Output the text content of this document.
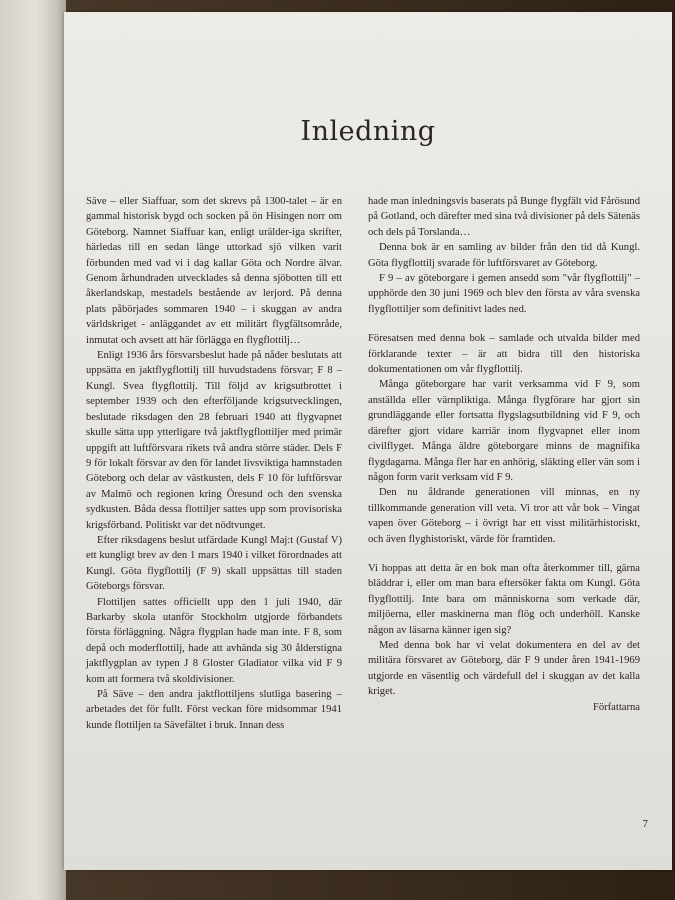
Inledning

Säve – eller Siaffuar, som det skrevs på 1300-talet – är en gammal historisk bygd och socken på ön Hisingen norr om Göteborg. Namnet Siaffuar kan, enligt urälder-iga skrifter, härledas till en sedan länge uttorkad sjö vilken varit förbunden med vad vi i dag kallar Göta och Nordre älvar. Genom århundraden utvecklades så denna sjöbotten till ett åkerlandskap, mestadels bestående av lerjord. På denna plats påbörjades sommaren 1940 – i skuggan av andra världskriget - anläggandet av ett militärt flygfältsområde, inmutat och avsett att här förlägga en flygflottilj…

Enligt 1936 års försvarsbeslut hade på nåder beslutats att uppsätta en jaktflygflottilj till huvudstadens försvar; F 8 – Kungl. Svea flygflottilj. Till följd av krigsutbrottet i september 1939 och den efterföljande krigsutvecklingen, beslutade riksdagen den 28 februari 1940 att flygvapnet skulle sätta upp ytterligare två jaktflygflottiljer med primär uppgift att luftförsvara rikets två andra större städer. Dels F 9 för lokalt försvar av den för landet livsviktiga hamnstaden Göteborg och delar av västkusten, dels F 10 för luftförsvar av Malmö och regionen kring Öresund och den svenska sydkusten. Båda dessa flottiljer sattes upp som provisoriska krigsförband. Politiskt var det nödtvunget.

Efter riksdagens beslut utfärdade Kungl Maj:t (Gustaf V) ett kungligt brev av den 1 mars 1940 i vilket förordnades att Kungl. Göta flygflottilj (F 9) skall uppsättas till staden Göteborgs försvar.

Flottiljen sattes officiellt upp den 1 juli 1940, där Barkarby skola utanför Stockholm utgjorde förbandets första förläggning. Några flygplan hade man inte. F 8, som depå och moderflottilj, hade att avhända sig 30 ålderstigna jaktflygplan av typen J 8 Gloster Gladiator vilka vid F 9 kom att formera två skoldivisioner.

På Säve – den andra jaktflottiljens slutliga basering – arbetades det för fullt. Först veckan före midsommar 1941 kunde flottiljen ta Sävefältet i bruk. Innan dess

hade man inledningsvis baserats på Bunge flygfält vid Fårösund på Gotland, och därefter med sina två divisioner på dels Sätenäs och dels på Torslanda…

Denna bok är en samling av bilder från den tid då Kungl. Göta flygflottilj svarade för luftförsvaret av Göteborg.

F 9 – av göteborgare i gemen ansedd som "vår flygflottilj" – upphörde den 30 juni 1969 och blev den första av våra svenska flygflottiljer som definitivt lades ned.

Föresatsen med denna bok – samlade och utvalda bilder med förklarande texter – är att bidra till den historiska dokumentationen om vår flygflottilj.

Många göteborgare har varit verksamma vid F 9, som anställda eller värnpliktiga. Många flygförare har gjort sin grundläggande eller fortsatta flygslagsutbildning vid F 9, och därefter gjort vidare karriär inom flygvapnet eller inom civilflyget. Många äldre göteborgare minns de magnifika flygdagarna. Många fler har en anhörig, släkting eller vän som i någon form varit verksam vid F 9.

Den nu åldrande generationen vill minnas, en ny tillkommande generation vill veta. Vi tror att vår bok – Vingat vapen över Göteborg – i övrigt har ett visst militärhistoriskt, och även flyghistoriskt, värde för framtiden.

Vi hoppas att detta är en bok man ofta återkommer till, gärna bläddrar i, eller om man bara eftersöker fakta om Kungl. Göta flygflottilj. Inte bara om människorna som verkade där, miljöerna, eller maskinerna man flög och underhöll. Kanske någon av läsarna känner igen sig?

Med denna bok har vi velat dokumentera en del av det militära försvaret av Göteborg, där F 9 under åren 1941-1969 utgjorde en väsentlig och värdefull del i skuggan av det kalla kriget.

Författarna

7
